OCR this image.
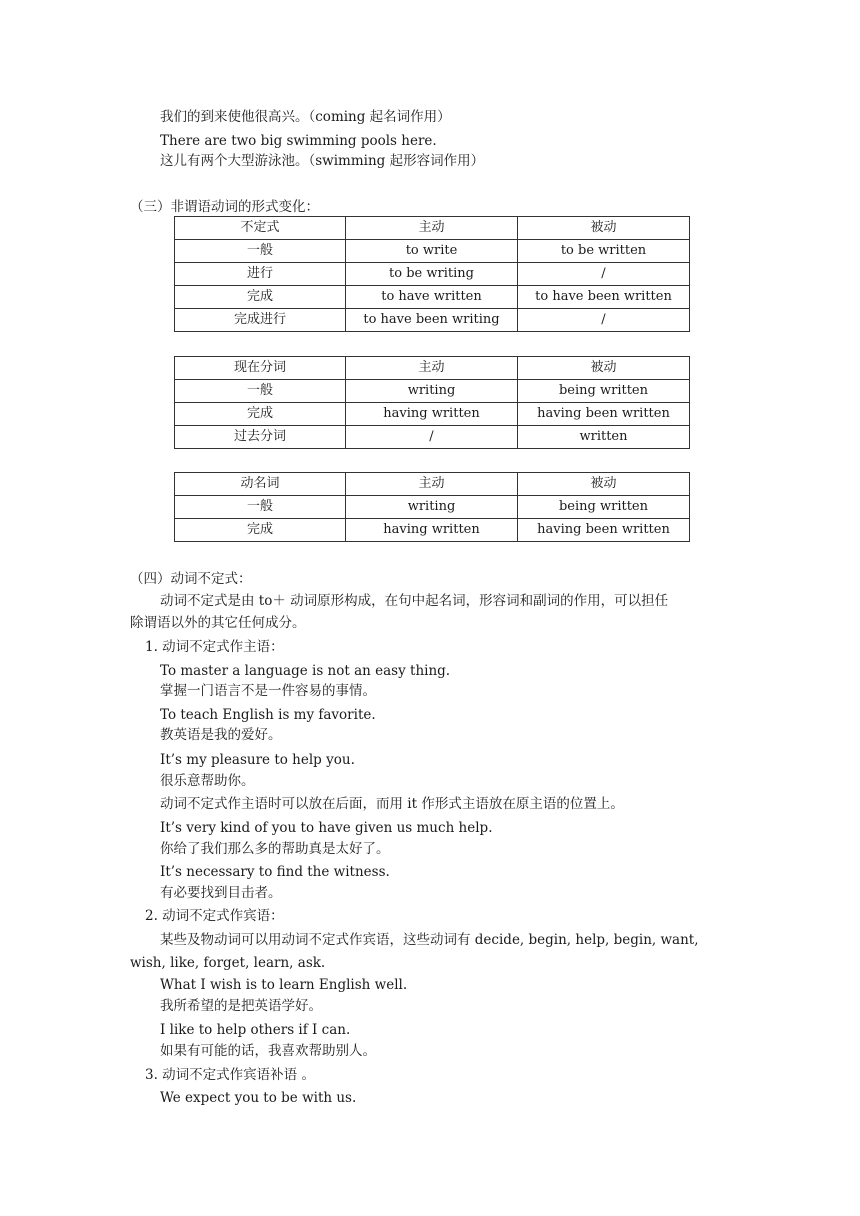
我们的到来使他很高兴。（coming 起名词作用）
There are two big swimming pools here.
这儿有两个大型游泳池。（swimming 起形容词作用）
（三）非谓语动词的形式变化：
不定式	主动	被动
一般	to write	to be written
进行	to be writing	/
完成	to have written	to have been written
完成进行	to have been writing	/
现在分词	主动	被动
一般	writing	being written
完成	having written	having been written
过去分词	/	written
动名词	主动	被动
一般	writing	being written
完成	having written	having been written
（四）动词不定式：
动词不定式是由 to＋ 动词原形构成，在句中起名词，形容词和副词的作用，可以担任
除谓语以外的其它任何成分。
1. 动词不定式作主语：
To master a language is not an easy thing.
掌握一门语言不是一件容易的事情。
To teach English is my favorite.
教英语是我的爱好。
It’s my pleasure to help you.
很乐意帮助你。
动词不定式作主语时可以放在后面，而用 it 作形式主语放在原主语的位置上。
It’s very kind of you to have given us much help.
你给了我们那么多的帮助真是太好了。
It’s necessary to find the witness.
有必要找到目击者。
2. 动词不定式作宾语：
某些及物动词可以用动词不定式作宾语，这些动词有 decide, begin, help, begin, want,
wish, like, forget, learn, ask.
What I wish is to learn English well.
我所希望的是把英语学好。
I like to help others if I can.
如果有可能的话，我喜欢帮助别人。
3. 动词不定式作宾语补语 。
We expect you to be with us.
